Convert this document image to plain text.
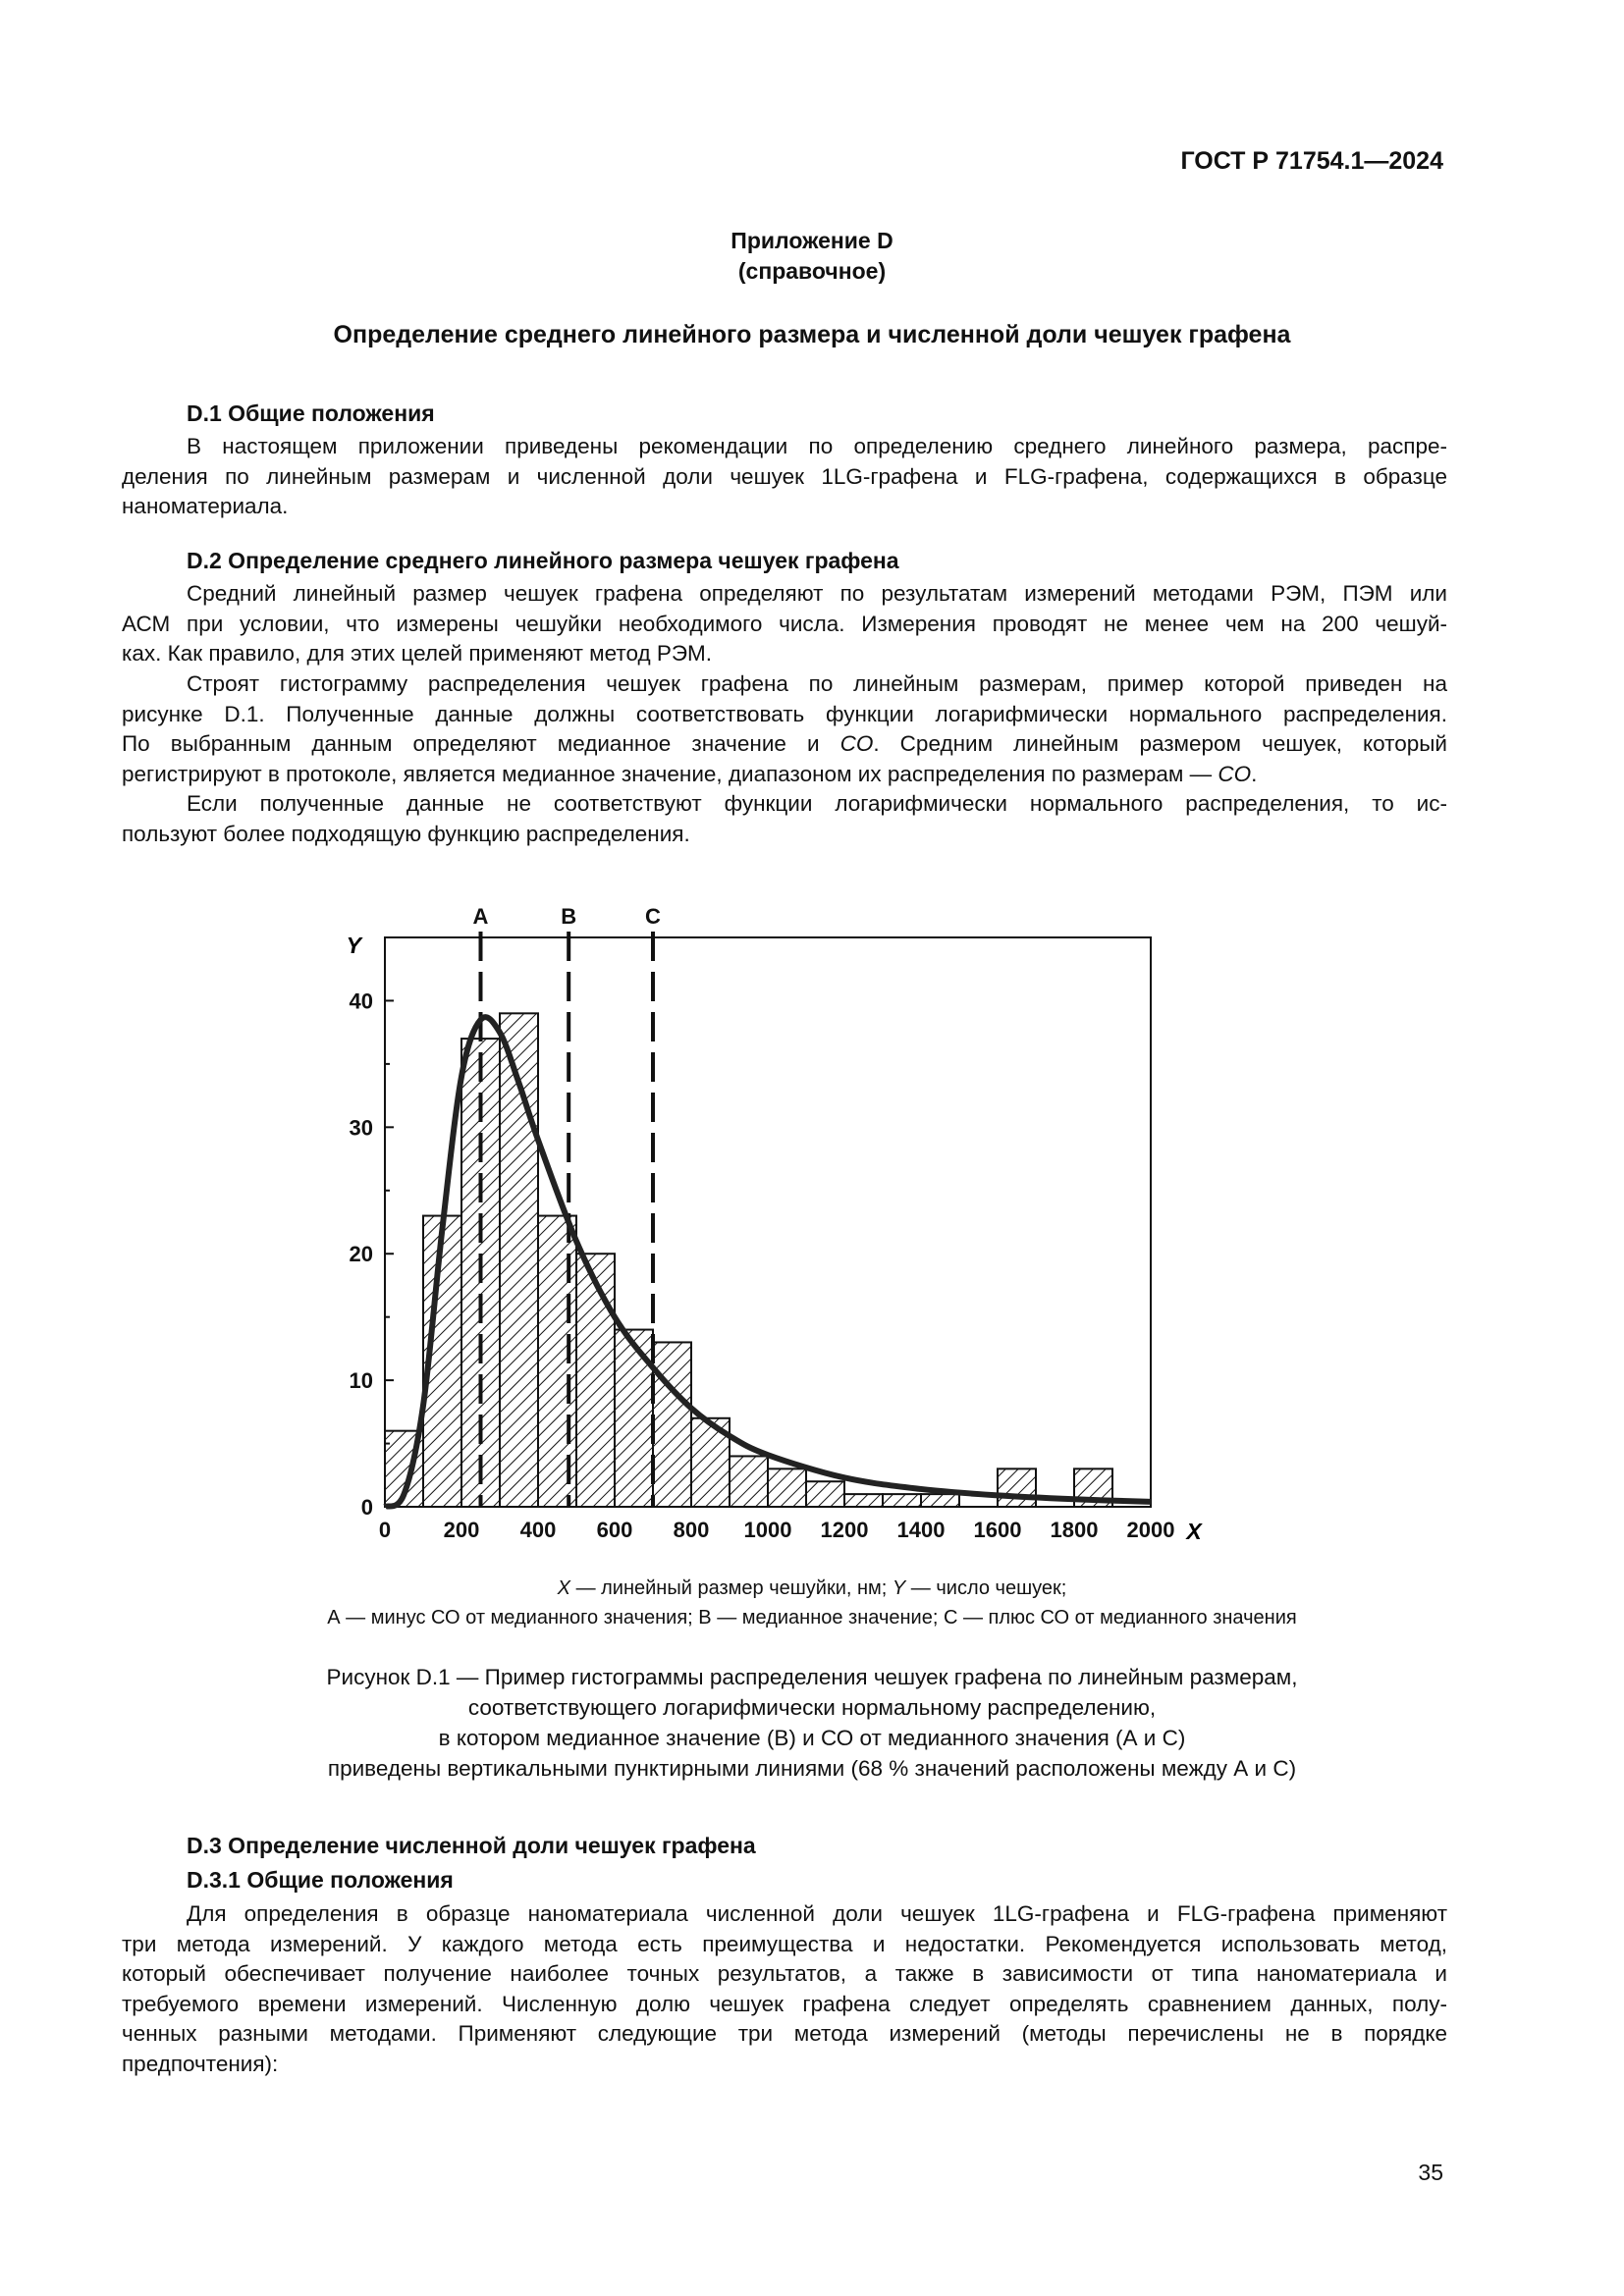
ГОСТ Р 71754.1—2024
Приложение D
(справочное)
Определение среднего линейного размера и численной доли чешуек графена
D.1 Общие положения

В настоящем приложении приведены рекомендации по определению среднего линейного размера, распре-
деления по линейным размерам и численной доли чешуек 1LG-графена и FLG-графена, содержащихся в образце
наноматериала.

D.2 Определение среднего линейного размера чешуек графена

Средний линейный размер чешуек графена определяют по результатам измерений методами РЭМ, ПЭМ или
АСМ при условии, что измерены чешуйки необходимого числа. Измерения проводят не менее чем на 200 чешуй-
ках. Как правило, для этих целей применяют метод РЭМ.

Строят гистограмму распределения чешуек графена по линейным размерам, пример которой приведен на
рисунке D.1. Полученные данные должны соответствовать функции логарифмически нормального распределения.
По выбранным данным определяют медианное значение и CO. Средним линейным размером чешуек, который
регистрируют в протоколе, является медианное значение, диапазоном их распределения по размерам — CO.

Если полученные данные не соответствуют функции логарифмически нормального распределения, то ис-
пользуют более подходящую функцию распределения.

0 200 400 600 800 1000 1200 1400 1600 1800 2000
0
10
20
30
40
A	B	C
X
Y
X — линейный размер чешуйки, нм; Y — число чешуек;
А — минус СО от медианного значения; В — медианное значение; С — плюс СО от медианного значения
Рисунок D.1 — Пример гистограммы распределения чешуек графена по линейным размерам,
соответствующего логарифмически нормальному распределению,
в котором медианное значение (В) и СО от медианного значения (А и С)
приведены вертикальными пунктирными линиями (68 % значений расположены между А и С)
D.3 Определение численной доли чешуек графена
D.3.1 Общие положения

Для определения в образце наноматериала численной доли чешуек 1LG-графена и FLG-графена применяют
три метода измерений. У каждого метода есть преимущества и недостатки. Рекомендуется использовать метод,
который обеспечивает получение наиболее точных результатов, а также в зависимости от типа наноматериала и
требуемого времени измерений. Численную долю чешуек графена следует определять сравнением данных, полу-
ченных разными методами. Применяют следующие три метода измерений (методы перечислены не в порядке
предпочтения):

35
